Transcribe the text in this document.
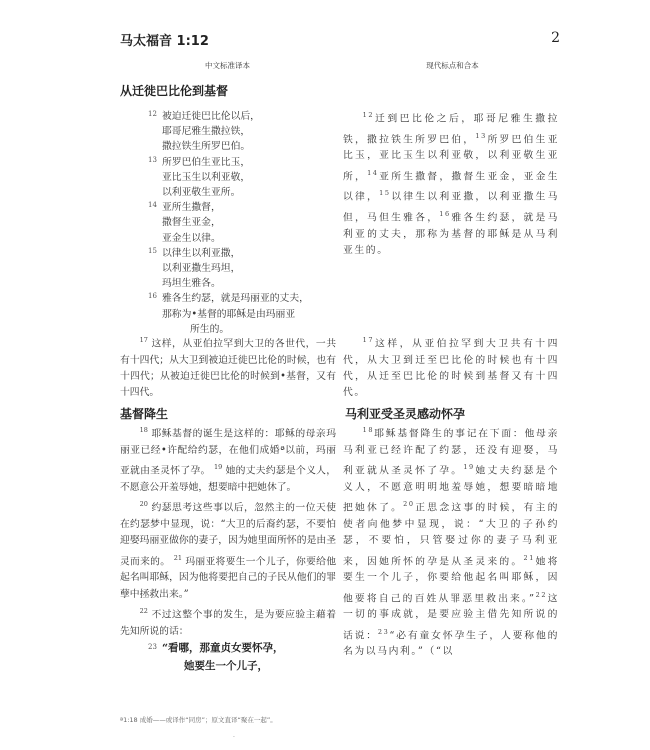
马太福音 1:12	2
中文标准译本	现代标点和合本
从迁徙巴比伦到基督
12 被迫迁徙巴比伦以后，
耶哥尼雅生撒拉铁，
撒拉铁生所罗巴伯。
13 所罗巴伯生亚比玉，
亚比玉生以利亚敬，
以利亚敬生亚所。
14 亚所生撒督，
撒督生亚金，
亚金生以律。
15 以律生以利亚撒，
以利亚撒生玛坦，
玛坦生雅各。
16 雅各生约瑟，就是玛丽亚的丈夫，
那称为•基督的耶稣是由玛丽亚
所生的。

$^{17}$ 这样，从亚伯拉罕到大卫的各世代，一共有十四代；从大卫到被迫迁徙巴比伦的时候，也有十四代；从被迫迁徙巴比伦的时候到•基督，又有十四代。

基督降生

$^{18}$ 耶稣基督的诞生是这样的：耶稣的母亲玛丽亚已经•许配给约瑟，在他们成婚ª以前，玛丽亚就由圣灵怀了孕。 $^{19}$ 她的丈夫约瑟是个义人，不愿意公开羞辱她，想要暗中把她休了。

$^{20}$ 约瑟思考这些事以后，忽然主的一位天使在约瑟梦中显现，说：“大卫的后裔约瑟，不要怕迎娶玛丽亚做你的妻子，因为她里面所怀的是由圣灵而来的。 $^{21}$ 玛丽亚将要生一个儿子，你要给他起名叫耶稣，因为他将要把自己的子民从他们的罪孽中拯救出来。”

$^{22}$ 不过这整个事的发生，是为要应验主藉着先知所说的话：

23 “看哪，那童贞女要怀孕，
她要生一个儿子，

$^{12}$迁到巴比伦之后，耶哥尼雅生撒拉铁，撒拉铁生所罗巴伯，$^{13}$所罗巴伯生亚比玉，亚比玉生以利亚敬，以利亚敬生亚所，$^{14}$亚所生撒督，撒督生亚金，亚金生以律，$^{15}$以律生以利亚撒，以利亚撒生马但，马但生雅各，$^{16}$雅各生约瑟，就是马利亚的丈夫，那称为基督的耶稣是从马利亚生的。

$^{17}$这样，从亚伯拉罕到大卫共有十四代，从大卫到迁至巴比伦的时候也有十四代，从迁至巴比伦的时候到基督又有十四代。

马利亚受圣灵感动怀孕

$^{18}$耶稣基督降生的事记在下面：他母亲马利亚已经许配了约瑟，还没有迎娶，马利亚就从圣灵怀了孕。$^{19}$她丈夫约瑟是个义人，不愿意明明地羞辱她，想要暗暗地把她休了。$^{20}$正思念这事的时候，有主的使者向他梦中显现，说：“大卫的子孙约瑟，不要怕，只管娶过你的妻子马利亚来，因她所怀的孕是从圣灵来的。$^{21}$她将要生一个儿子，你要给他起名叫耶稣，因他要将自己的百姓从罪恶里救出来。”$^{22}$这一切的事成就，是要应验主借先知所说的话说：$^{23}$“必有童女怀孕生子，人要称他的名为以马内利。”（“以

ª1:18 成婚——或译作“同房”；原文直译“聚在一起”。
.
